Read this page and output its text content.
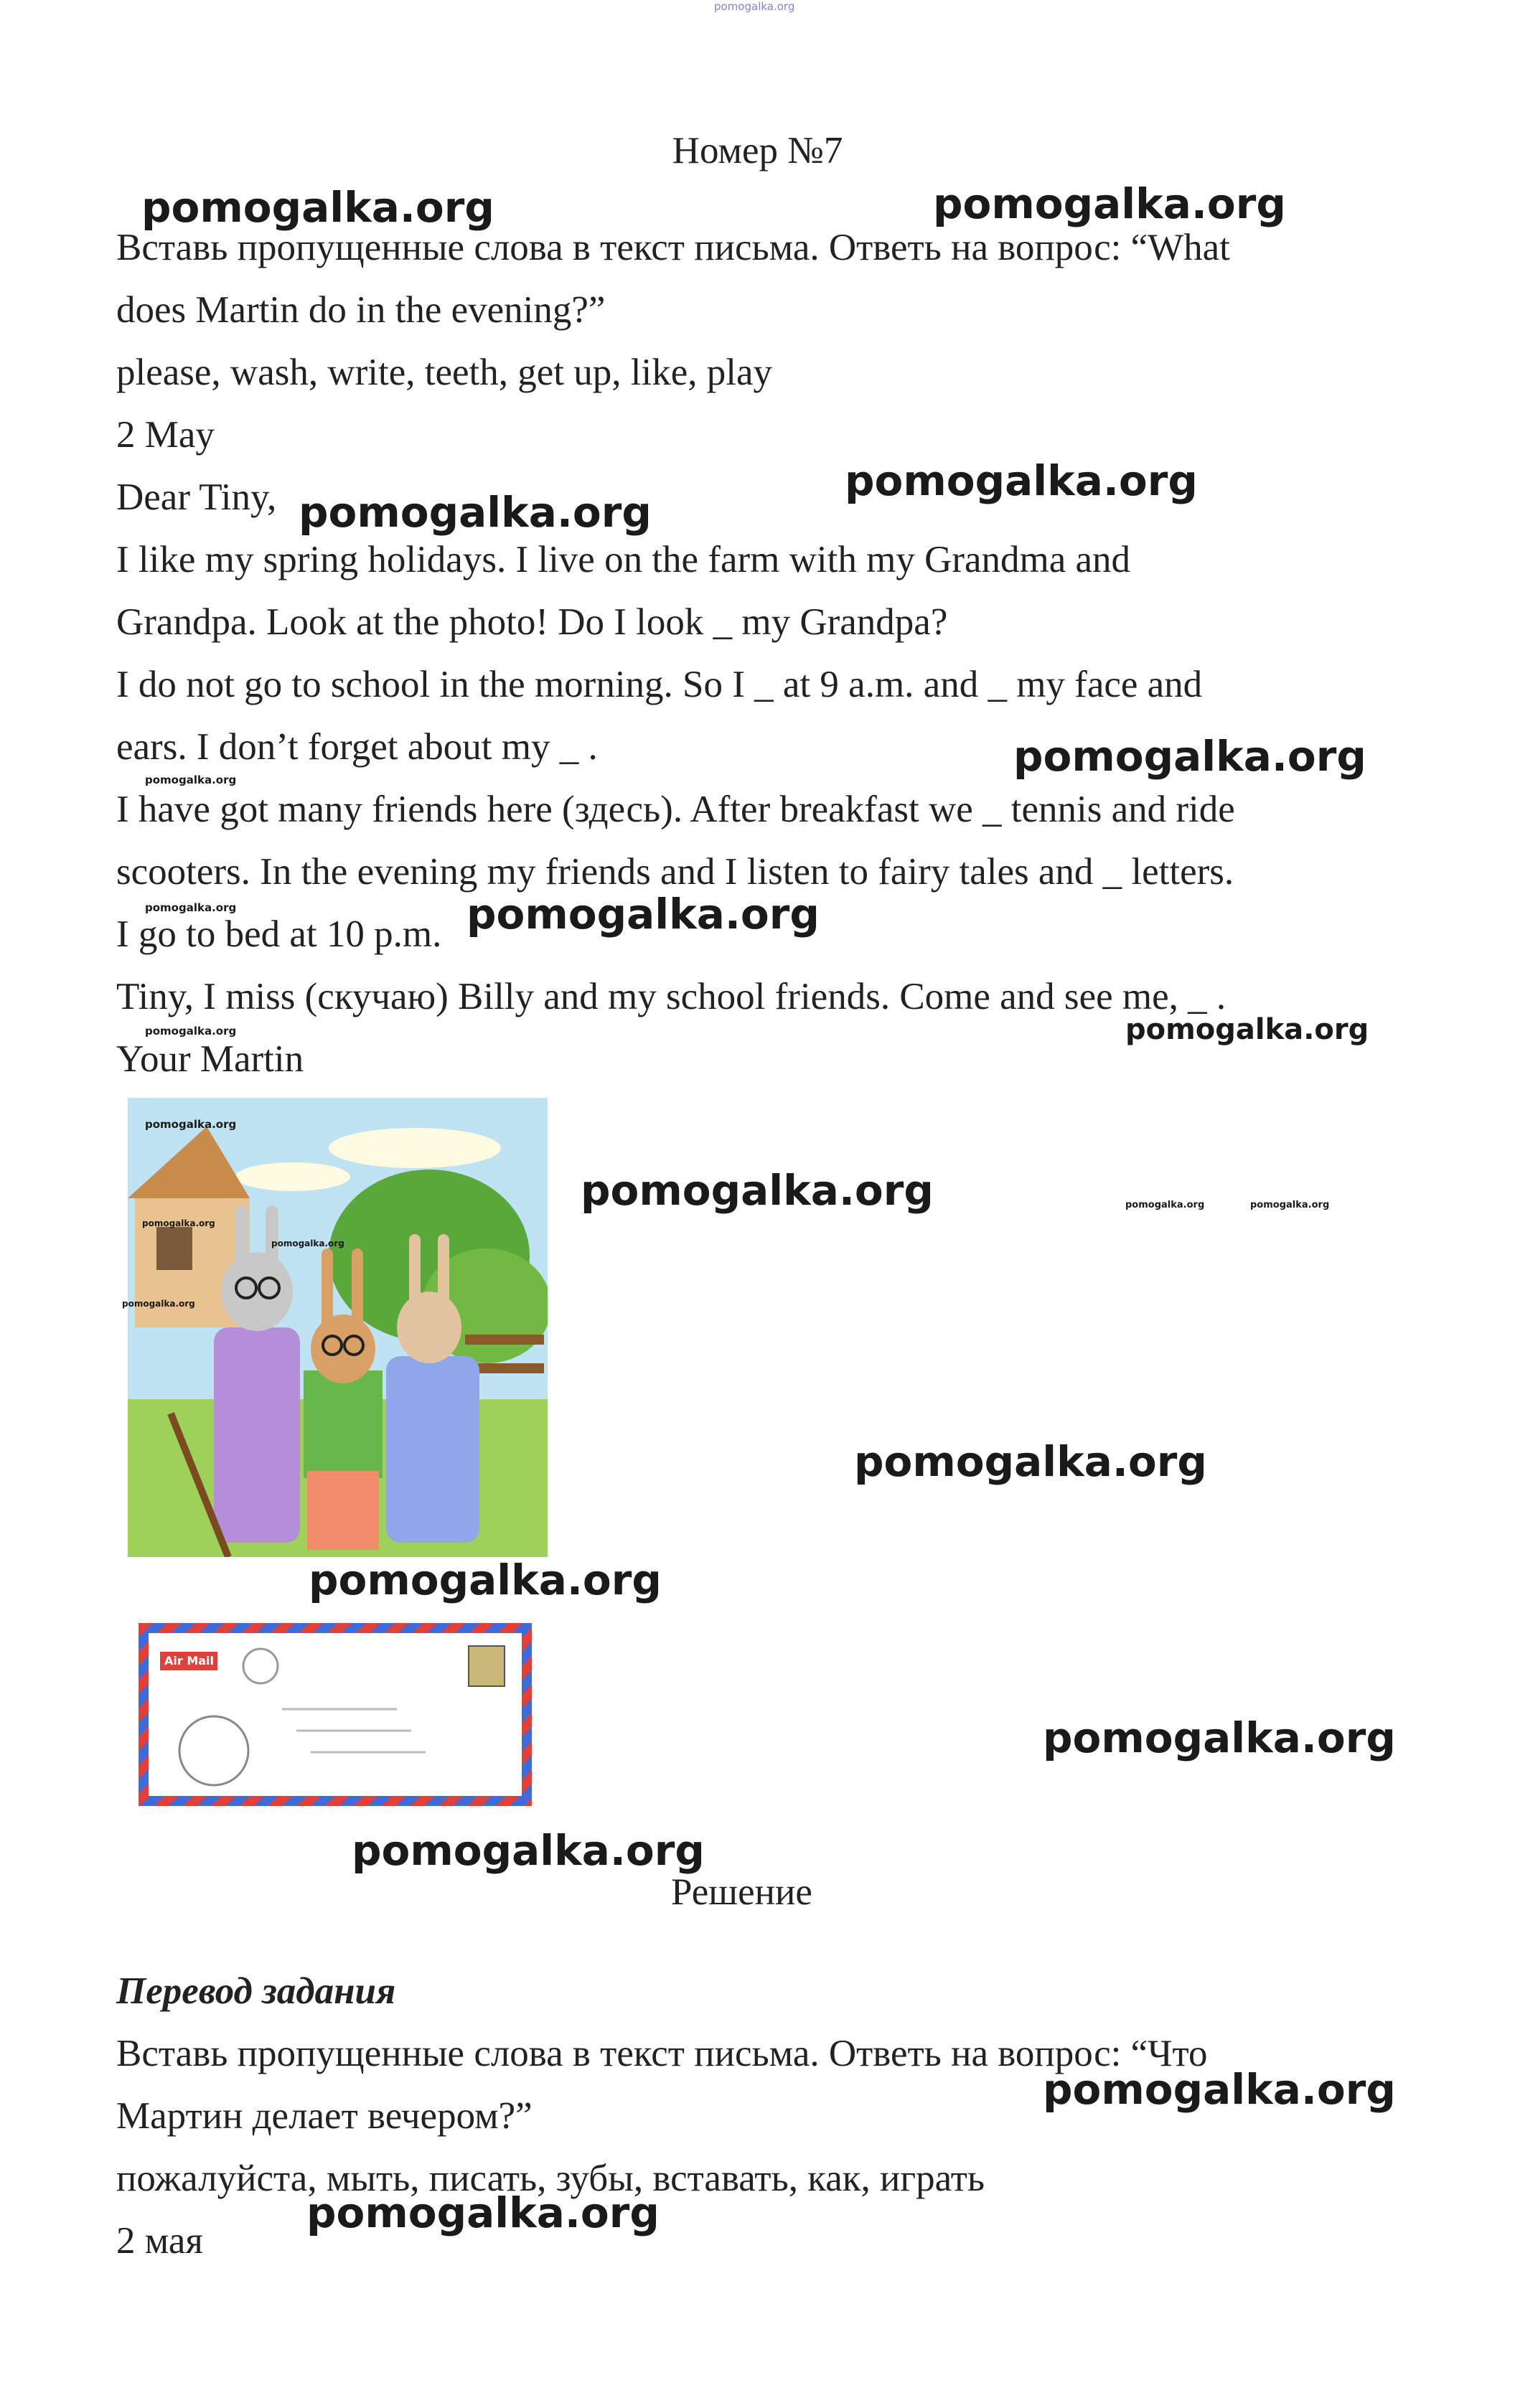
pomogalka.org
Номер №7
Вставь пропущенные слова в текст письма. Ответь на вопрос: “What
does Martin do in the evening?”
please, wash, write, teeth, get up, like, play
2 May
Dear Tiny,
I like my spring holidays. I live on the farm with my Grandma and
Grandpa. Look at the photo! Do I look _ my Grandpa?
I do not go to school in the morning. So I _ at 9 a.m. and _ my face and
ears. I don’t forget about my _ .
I have got many friends here (здесь). After breakfast we _ tennis and ride
scooters. In the evening my friends and I listen to fairy tales and _ letters.
I go to bed at 10 p.m.
Tiny, I miss (скучаю) Billy and my school friends. Come and see me, _ .
Your Martin
Air Mail
Решение
Перевод задания
Вставь пропущенные слова в текст письма. Ответь на вопрос: “Что
Мартин делает вечером?”
пожалуйста, мыть, писать, зубы, вставать, как, играть
2 мая
pomogalka.org	pomogalka.org
pomogalka.org
pomogalka.org
pomogalka.org
pomogalka.org
pomogalka.org
pomogalka.org
pomogalka.org
pomogalka.org
pomogalka.org
pomogalka.org
pomogalka.org
pomogalka.org
pomogalka.org
pomogalka.org
pomogalka.org
pomogalka.org
pomogalka.org
pomogalka.org
pomogalka.org
pomogalka.org	pomogalka.org
